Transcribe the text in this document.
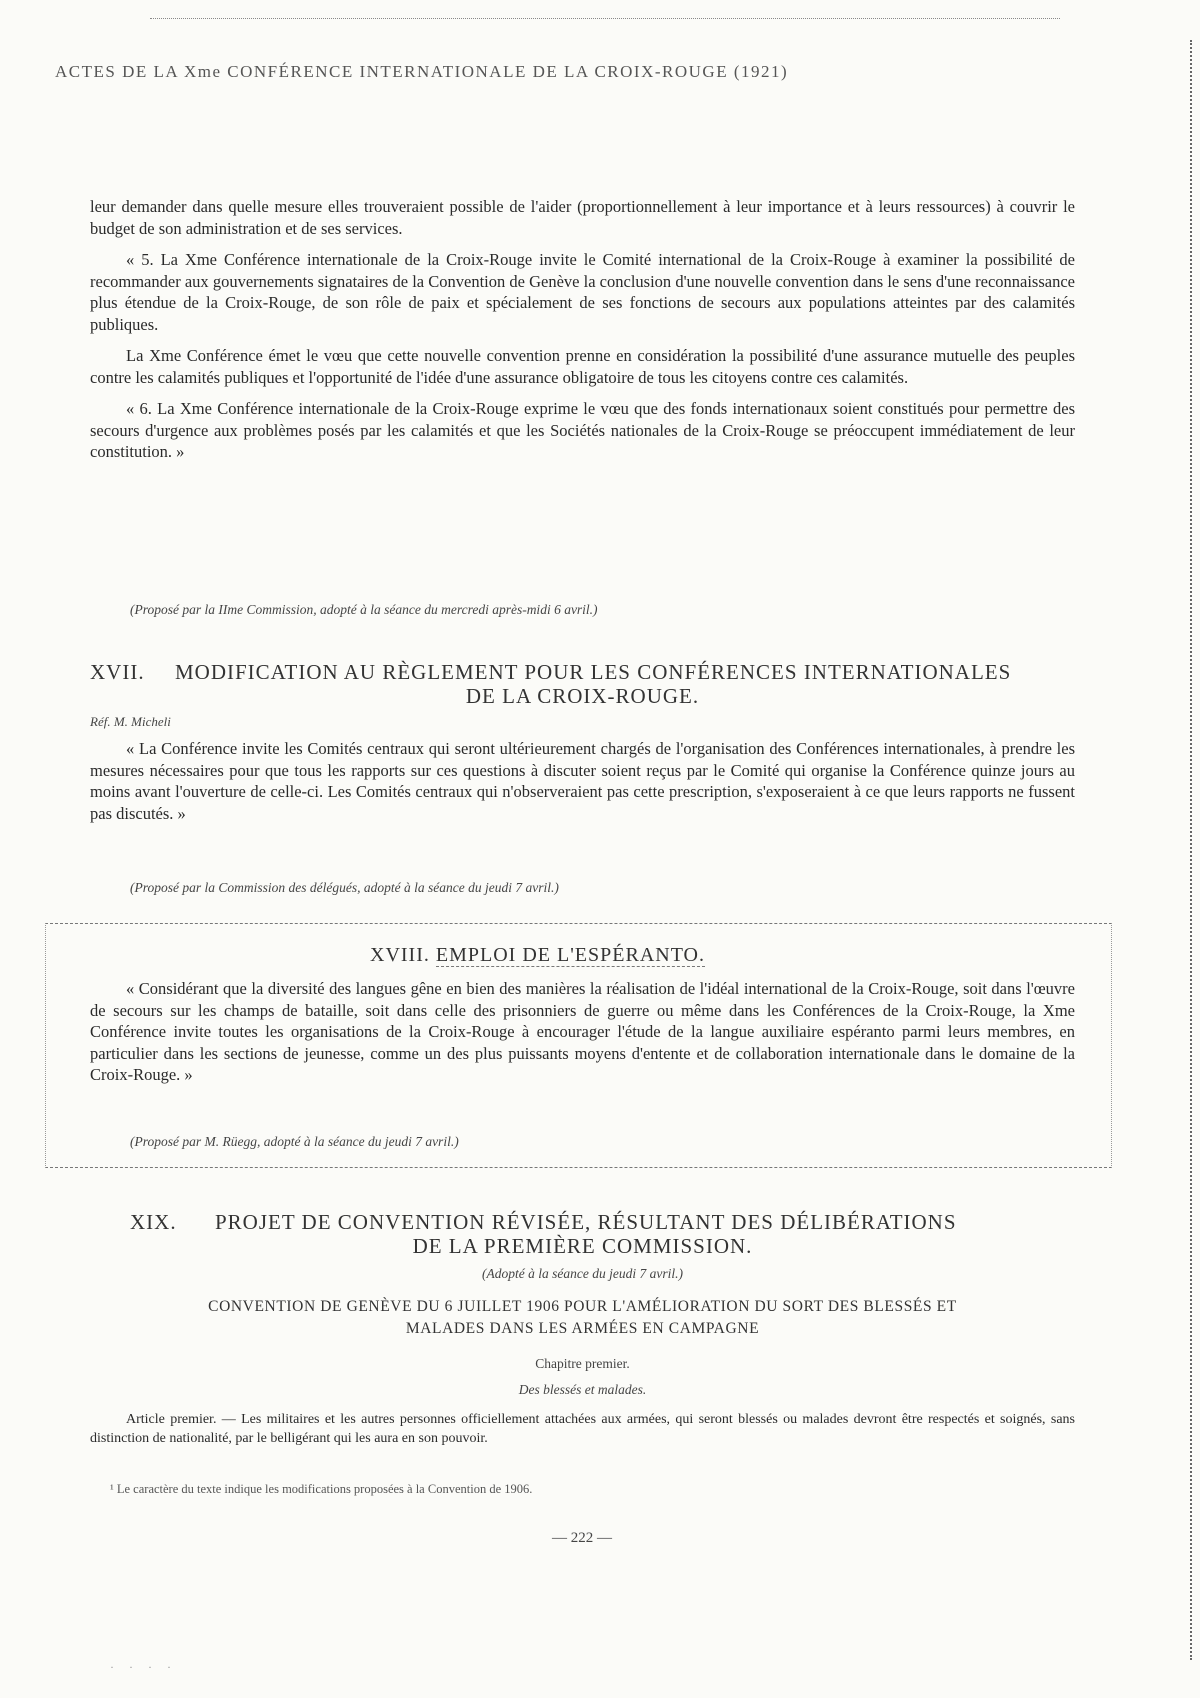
ACTES DE LA Xme CONFÉRENCE INTERNATIONALE DE LA CROIX-ROUGE (1921)

leur demander dans quelle mesure elles trouveraient possible de l'aider (proportionnellement à leur importance et à leurs ressources) à couvrir le budget de son administration et de ses services.

« 5. La Xme Conférence internationale de la Croix-Rouge invite le Comité international de la Croix-Rouge à examiner la possibilité de recommander aux gouvernements signataires de la Convention de Genève la conclusion d'une nouvelle convention dans le sens d'une reconnaissance plus étendue de la Croix-Rouge, de son rôle de paix et spécialement de ses fonctions de secours aux populations atteintes par des calamités publiques.

La Xme Conférence émet le vœu que cette nouvelle convention prenne en considération la possibilité d'une assurance mutuelle des peuples contre les calamités publiques et l'opportunité de l'idée d'une assurance obligatoire de tous les citoyens contre ces calamités.

« 6. La Xme Conférence internationale de la Croix-Rouge exprime le vœu que des fonds internationaux soient constitués pour permettre des secours d'urgence aux problèmes posés par les calamités et que les Sociétés nationales de la Croix-Rouge se préoccupent immédiatement de leur constitution. »

(Proposé par la IIme Commission, adopté à la séance du mercredi après-midi 6 avril.)
XVII. MODIFICATION AU RÈGLEMENT POUR LES CONFÉRENCES INTERNATIONALES
DE LA CROIX-ROUGE.
Réf. M. Micheli

« La Conférence invite les Comités centraux qui seront ultérieurement chargés de l'organisation des Conférences internationales, à prendre les mesures nécessaires pour que tous les rapports sur ces questions à discuter soient reçus par le Comité qui organise la Conférence quinze jours au moins avant l'ouverture de celle-ci. Les Comités centraux qui n'observeraient pas cette prescription, s'exposeraient à ce que leurs rapports ne fussent pas discutés. »

(Proposé par la Commission des délégués, adopté à la séance du jeudi 7 avril.)
XVIII. EMPLOI DE L'ESPÉRANTO.

« Considérant que la diversité des langues gêne en bien des manières la réalisation de l'idéal international de la Croix-Rouge, soit dans l'œuvre de secours sur les champs de bataille, soit dans celle des prisonniers de guerre ou même dans les Conférences de la Croix-Rouge, la Xme Conférence invite toutes les organisations de la Croix-Rouge à encourager l'étude de la langue auxiliaire espéranto parmi leurs membres, en particulier dans les sections de jeunesse, comme un des plus puissants moyens d'entente et de collaboration internationale dans le domaine de la Croix-Rouge. »

(Proposé par M. Rüegg, adopté à la séance du jeudi 7 avril.)
XIX. PROJET DE CONVENTION RÉVISÉE, RÉSULTANT DES DÉLIBÉRATIONS
DE LA PREMIÈRE COMMISSION.
(Adopté à la séance du jeudi 7 avril.)
CONVENTION DE GENÈVE DU 6 JUILLET 1906 POUR L'AMÉLIORATION DU SORT DES BLESSÉS ET
MALADES DANS LES ARMÉES EN CAMPAGNE
Chapitre premier.
Des blessés et malades.

Article premier. — Les militaires et les autres personnes officiellement attachées aux armées, qui seront blessés ou malades devront être respectés et soignés, sans distinction de nationalité, par le belligérant qui les aura en son pouvoir.

¹ Le caractère du texte indique les modifications proposées à la Convention de 1906.
— 222 —
· · · ·
